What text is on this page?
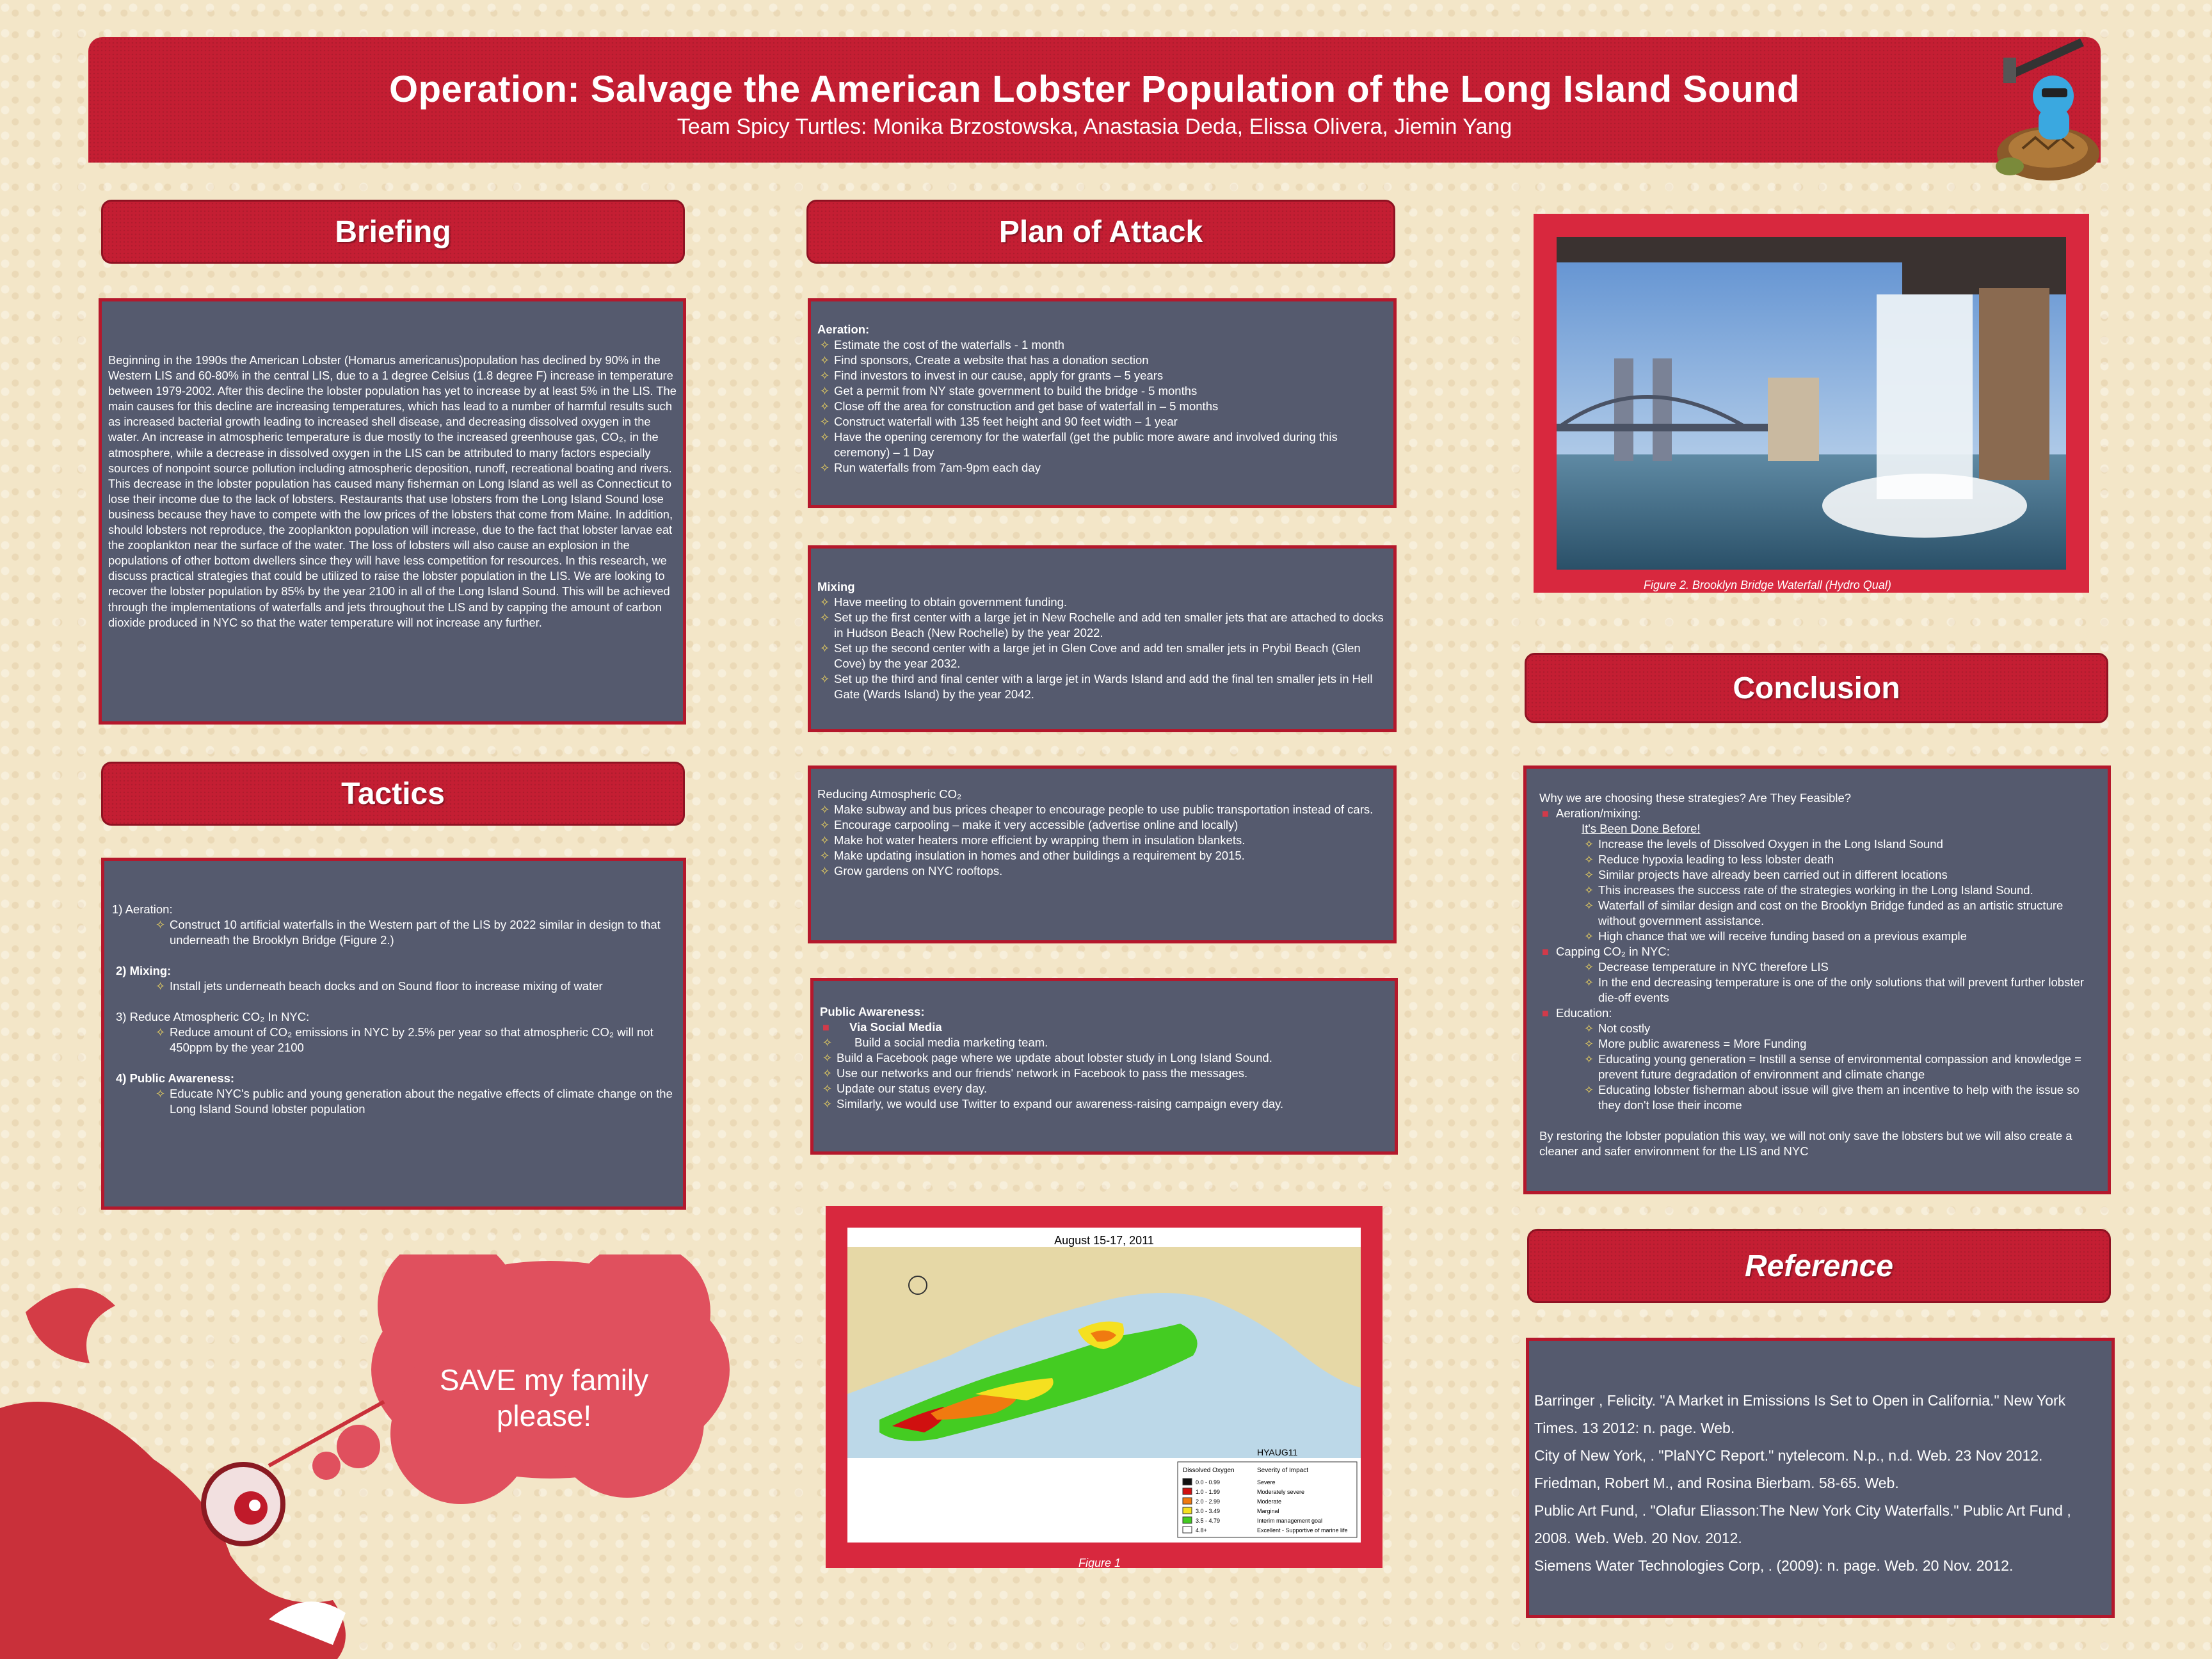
Operation: Salvage the American Lobster Population of the Long Island Sound
Team Spicy Turtles: Monika Brzostowska, Anastasia Deda, Elissa Olivera, Jiemin Yang
Briefing

Beginning in the 1990s the American Lobster (Homarus americanus)population has declined by 90% in the Western LIS and 60-80% in the central LIS, due to a 1 degree Celsius (1.8 degree F) increase in temperature between 1979-2002. After this decline the lobster population has yet to increase by at least 5% in the LIS. The main causes for this decline are increasing temperatures, which has lead to a number of harmful results such as increased bacterial growth leading to increased shell disease, and decreasing dissolved oxygen in the water. An increase in atmospheric temperature is due mostly to the increased greenhouse gas, CO₂, in the atmosphere, while a decrease in dissolved oxygen in the LIS can be attributed to many factors especially sources of nonpoint source pollution including atmospheric deposition, runoff, recreational boating and rivers. This decrease in the lobster population has caused many fisherman on Long Island as well as Connecticut to lose their income due to the lack of lobsters. Restaurants that use lobsters from the Long Island Sound lose business because they have to compete with the low prices of the lobsters that come from Maine. In addition, should lobsters not reproduce, the zooplankton population will increase, due to the fact that lobster larvae eat the zooplankton near the surface of the water. The loss of lobsters will also cause an explosion in the populations of other bottom dwellers since they will have less competition for resources. In this research, we discuss practical strategies that could be utilized to raise the lobster population in the LIS. We are looking to recover the lobster population by 85% by the year 2100 in all of the Long Island Sound. This will be achieved through the implementations of waterfalls and jets throughout the LIS and by capping the amount of carbon dioxide produced in NYC so that the water temperature will not increase any further.

Tactics
1) Aeration:
✧ Construct 10 artificial waterfalls in the Western part of the LIS by 2022 similar in design to that underneath the Brooklyn Bridge (Figure 2.)
2) Mixing:
✧ Install jets underneath beach docks and on Sound floor to increase mixing of water
3) Reduce Atmospheric CO₂ In NYC:
✧ Reduce amount of CO₂ emissions in NYC by 2.5% per year so that atmospheric CO₂ will not 450ppm by the year 2100
4) Public Awareness:
✧ Educate NYC's public and young generation about the negative effects of climate change on the Long Island Sound lobster population
SAVE my family please!
Plan of Attack
Aeration:
✧ Estimate the cost of the waterfalls - 1 month
✧ Find sponsors, Create a website that has a donation section
✧ Find investors to invest in our cause, apply for grants – 5 years
✧ Get a permit from NY state government to build the bridge - 5 months
✧ Close off the area for construction and get base of waterfall in – 5 months
✧ Construct waterfall with 135 feet height and 90 feet width – 1 year
✧ Have the opening ceremony for the waterfall (get the public more aware and involved during this ceremony) – 1 Day
✧ Run waterfalls from 7am-9pm each day
Mixing
✧ Have meeting to obtain government funding.
✧ Set up the first center with a large jet in New Rochelle and add ten smaller jets that are attached to docks in Hudson Beach (New Rochelle) by the year 2022.
✧ Set up the second center with a large jet in Glen Cove and add ten smaller jets in Prybil Beach (Glen Cove) by the year 2032.
✧ Set up the third and final center with a large jet in Wards Island and add the final ten smaller jets in Hell Gate (Wards Island) by the year 2042.
Reducing Atmospheric CO₂
✧ Make subway and bus prices cheaper to encourage people to use public transportation instead of cars.
✧ Encourage carpooling – make it very accessible (advertise online and locally)
✧ Make hot water heaters more efficient by wrapping them in insulation blankets.
✧ Make updating insulation in homes and other buildings a requirement by 2015.
✧ Grow gardens on NYC rooftops.
Public Awareness:
■ Via Social Media
✧ Build a social media marketing team.
✧ Build a Facebook page where we update about lobster study in Long Island Sound.
✧ Use our networks and our friends' network in Facebook to pass the messages.
✧ Update our status every day.
✧ Similarly, we would use Twitter to expand our awareness-raising campaign every day.
August 15-17, 2011
HYAUG11
Dissolved Oxygen	Severity of Impact
0.0 - 0.99	Severe
1.0 - 1.99	Moderately severe
2.0 - 2.99	Moderate
3.0 - 3.49	Marginal
3.5 - 4.79	Interim management goal
4.8+	Excellent - Supportive of marine life
Figure 1
Figure 2. Brooklyn Bridge Waterfall (Hydro Qual)
Conclusion
Why we are choosing these strategies? Are They Feasible?
■ Aeration/mixing:
It's Been Done Before!
✧ Increase the levels of Dissolved Oxygen in the Long Island Sound
✧ Reduce hypoxia leading to less lobster death
✧ Similar projects have already been carried out in different locations
✧ This increases the success rate of the strategies working in the Long Island Sound.
✧ Waterfall of similar design and cost on the Brooklyn Bridge funded as an artistic structure without government assistance.
✧ High chance that we will receive funding based on a previous example
■ Capping CO₂ in NYC:
✧ Decrease temperature in NYC therefore LIS
✧ In the end decreasing temperature is one of the only solutions that will prevent further lobster die-off events
■ Education:
✧ Not costly
✧ More public awareness = More Funding
✧ Educating young generation = Instill a sense of environmental compassion and knowledge = prevent future degradation of environment and climate change
✧ Educating lobster fisherman about issue will give them an incentive to help with the issue so they don't lose their income
By restoring the lobster population this way, we will not only save the lobsters but we will also create a cleaner and safer environment for the LIS and NYC
Reference
Barringer , Felicity. "A Market in Emissions Is Set to Open in California." New York Times. 13 2012: n. page. Web.
City of New York, . "PlaNYC Report." nytelecom. N.p., n.d. Web. 23 Nov 2012.
Friedman, Robert M., and Rosina Bierbam. 58-65. Web.
Public Art Fund, . "Olafur Eliasson:The New York City Waterfalls." Public Art Fund , 2008. Web. Web. 20 Nov. 2012.
Siemens Water Technologies Corp, . (2009): n. page. Web. 20 Nov. 2012.
